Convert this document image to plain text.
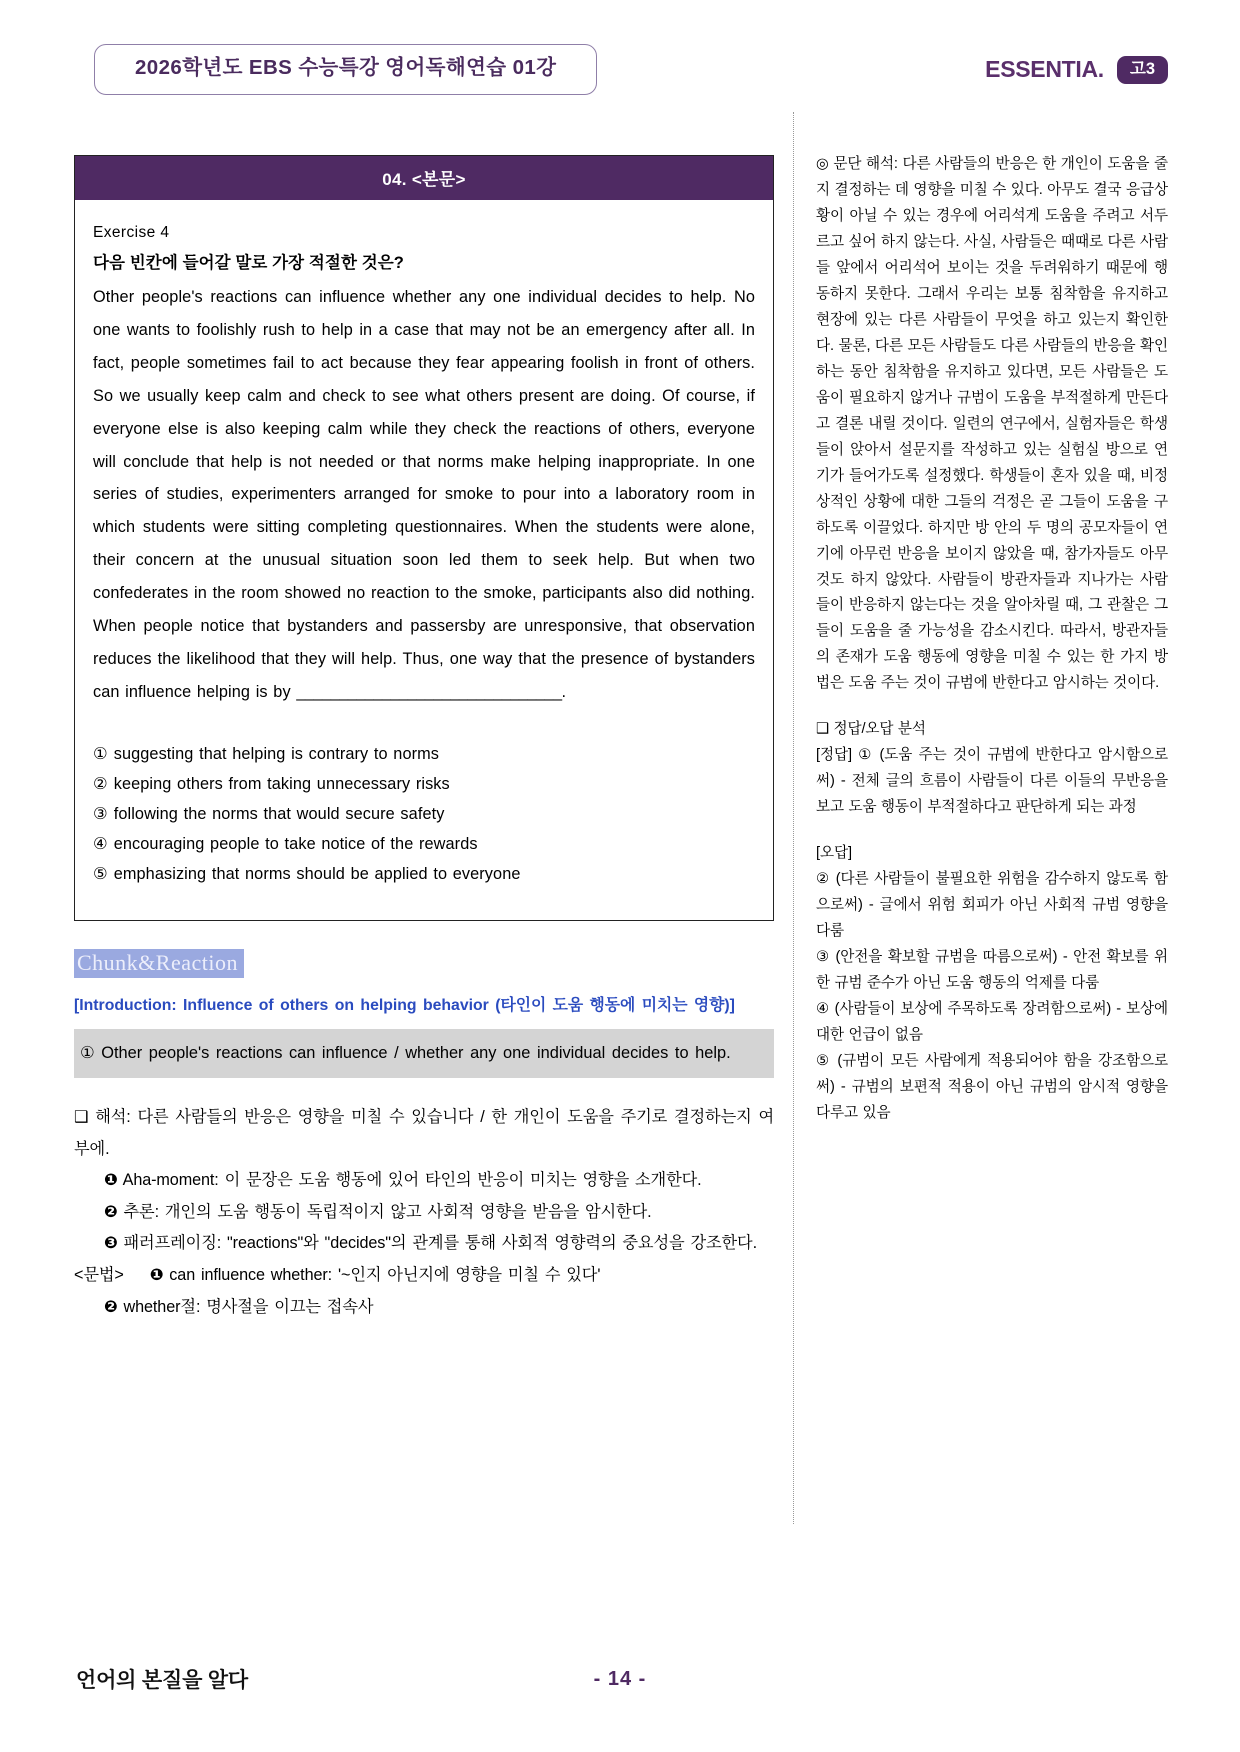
2026학년도 EBS 수능특강 영어독해연습 01강	ESSENTIA.	고3
04. <본문>
Exercise 4
다음 빈칸에 들어갈 말로 가장 적절한 것은?
Other people's reactions can influence whether any one individual decides to help. No one wants to foolishly rush to help in a case that may not be an emergency after all. In fact, people sometimes fail to act because they fear appearing foolish in front of others. So we usually keep calm and check to see what others present are doing. Of course, if everyone else is also keeping calm while they check the reactions of others, everyone will conclude that help is not needed or that norms make helping inappropriate. In one series of studies, experimenters arranged for smoke to pour into a laboratory room in which students were sitting completing questionnaires. When the students were alone, their concern at the unusual situation soon led them to seek help. But when two confederates in the room showed no reaction to the smoke, participants also did nothing. When people notice that bystanders and passersby are unresponsive, that observation reduces the likelihood that they will help. Thus, one way that the presence of bystanders can influence helping is by _______________________________.
① suggesting that helping is contrary to norms
② keeping others from taking unnecessary risks
③ following the norms that would secure safety
④ encouraging people to take notice of the rewards
⑤ emphasizing that norms should be applied to everyone
Chunk&Reaction
[Introduction: Influence of others on helping behavior (타인이 도움 행동에 미치는 영향)]
① Other people's reactions can influence / whether any one individual decides to help.
❑ 해석: 다른 사람들의 반응은 영향을 미칠 수 있습니다 / 한 개인이 도움을 주기로 결정하는지 여부에.
❶ Aha-moment: 이 문장은 도움 행동에 있어 타인의 반응이 미치는 영향을 소개한다.
❷ 추론: 개인의 도움 행동이 독립적이지 않고 사회적 영향을 받음을 암시한다.
❸ 패러프레이징: "reactions"와 "decides"의 관계를 통해 사회적 영향력의 중요성을 강조한다.
<문법> ❶ can influence whether: '~인지 아닌지에 영향을 미칠 수 있다'
❷ whether절: 명사절을 이끄는 접속사
◎ 문단 해석: 다른 사람들의 반응은 한 개인이 도움을 줄지 결정하는 데 영향을 미칠 수 있다. 아무도 결국 응급상황이 아닐 수 있는 경우에 어리석게 도움을 주려고 서두르고 싶어 하지 않는다. 사실, 사람들은 때때로 다른 사람들 앞에서 어리석어 보이는 것을 두려워하기 때문에 행동하지 못한다. 그래서 우리는 보통 침착함을 유지하고 현장에 있는 다른 사람들이 무엇을 하고 있는지 확인한다. 물론, 다른 모든 사람들도 다른 사람들의 반응을 확인하는 동안 침착함을 유지하고 있다면, 모든 사람들은 도움이 필요하지 않거나 규범이 도움을 부적절하게 만든다고 결론 내릴 것이다. 일련의 연구에서, 실험자들은 학생들이 앉아서 설문지를 작성하고 있는 실험실 방으로 연기가 들어가도록 설정했다. 학생들이 혼자 있을 때, 비정상적인 상황에 대한 그들의 걱정은 곧 그들이 도움을 구하도록 이끌었다. 하지만 방 안의 두 명의 공모자들이 연기에 아무런 반응을 보이지 않았을 때, 참가자들도 아무것도 하지 않았다. 사람들이 방관자들과 지나가는 사람들이 반응하지 않는다는 것을 알아차릴 때, 그 관찰은 그들이 도움을 줄 가능성을 감소시킨다. 따라서, 방관자들의 존재가 도움 행동에 영향을 미칠 수 있는 한 가지 방법은 도움 주는 것이 규범에 반한다고 암시하는 것이다.
❑ 정답/오답 분석
[정답] ① (도움 주는 것이 규범에 반한다고 암시함으로써) - 전체 글의 흐름이 사람들이 다른 이들의 무반응을 보고 도움 행동이 부적절하다고 판단하게 되는 과정
[오답]
② (다른 사람들이 불필요한 위험을 감수하지 않도록 함으로써) - 글에서 위험 회피가 아닌 사회적 규범 영향을 다룸
③ (안전을 확보할 규범을 따름으로써) - 안전 확보를 위한 규범 준수가 아닌 도움 행동의 억제를 다룸
④ (사람들이 보상에 주목하도록 장려함으로써) - 보상에 대한 언급이 없음
⑤ (규범이 모든 사람에게 적용되어야 함을 강조함으로써) - 규범의 보편적 적용이 아닌 규범의 암시적 영향을 다루고 있음
언어의 본질을 알다	- 14 -
